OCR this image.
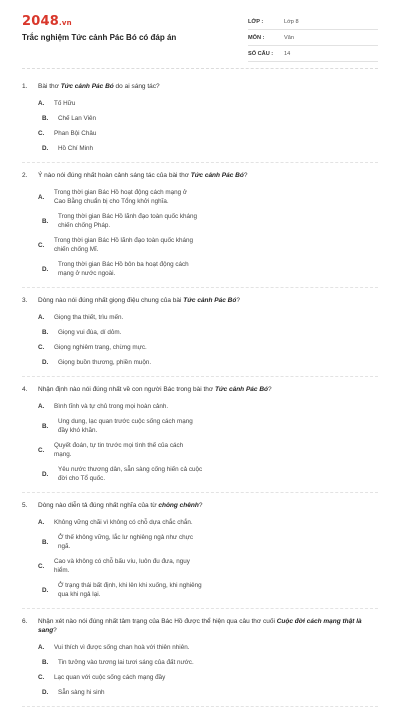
2048.vn
Trắc nghiệm Tức cảnh Pác Bó có đáp án
LỚP :	Lớp 8
MÔN :	Văn
SỐ CÂU :	14
1.	Bài thơ Tức cảnh Pác Bó do ai sáng tác?
A.	Tố Hữu
B.	Chế Lan Viên
C.	Phan Bội Châu
D.	Hồ Chí Minh
2.	Ý nào nói đúng nhất hoàn cảnh sáng tác của bài thơ Tức cảnh Pác Bó?
A.
Trong thời gian Bác Hồ hoạt động cách mạng ở Cao Bằng chuẩn bị cho Tổng khởi nghĩa.
B.
Trong thời gian Bác Hồ lãnh đạo toàn quốc kháng chiến chống Pháp.
C.
Trong thời gian Bác Hồ lãnh đạo toàn quốc kháng chiến chống Mĩ.
D.
Trong thời gian Bác Hồ bôn ba hoạt động cách mạng ở nước ngoài.
3.	Dòng nào nói đúng nhất giọng điệu chung của bài Tức cảnh Pác Bó?
A.	Giọng tha thiết, trìu mến.
B.	Giọng vui đùa, dí dỏm.
C.	Giọng nghiêm trang, chừng mực.
D.	Giọng buồn thương, phiền muộn.
4.	Nhận định nào nói đúng nhất về con người Bác trong bài thơ Tức cảnh Pác Bó?
A.	Bình tĩnh và tự chủ trong mọi hoàn cảnh.
B.
Ung dung, lạc quan trước cuộc sống cách mạng đầy khó khăn.
C.
Quyết đoán, tự tin trước mọi tình thế của cách mạng.
D.
Yêu nước thương dân, sẵn sàng cống hiến cả cuộc đời cho Tổ quốc.
5.	Dòng nào diễn tả đúng nhất nghĩa của từ chông chênh?
A.	Không vững chãi vì không có chỗ dựa chắc chắn.
B.
Ở thế không vững, lắc lư nghiêng ngả như chực ngã.
C.
Cao và không có chỗ bấu víu, luôn đu đưa, nguy hiểm.
D.
Ở trạng thái bất định, khi lên khi xuống, khi nghiêng qua khi ngả lại.
6.	Nhận xét nào nói đúng nhất tâm trạng của Bác Hồ được thể hiện qua câu thơ cuối Cuộc đời cách mạng thật là sang?
A.	Vui thích vì được sống chan hoà với thiên nhiên.
B.	Tin tưởng vào tương lai tươi sáng của đất nước.
C.	Lạc quan với cuộc sống cách mạng đầy
D.	Sẵn sàng hi sinh
